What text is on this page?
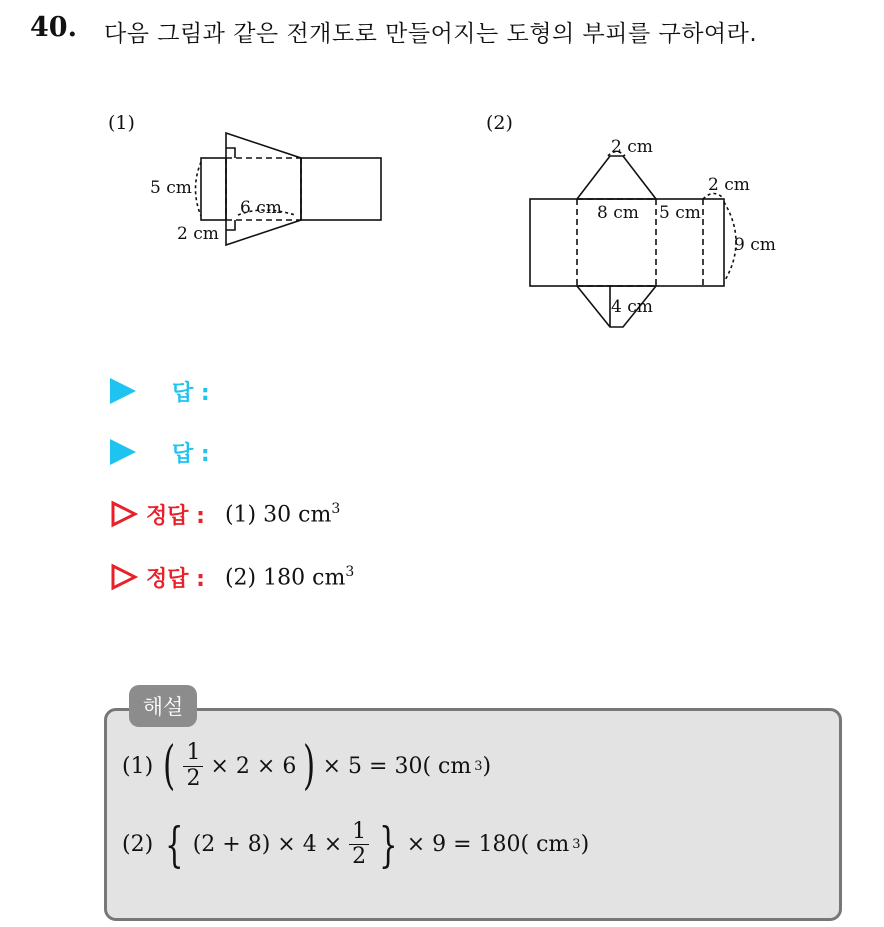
40. 다음 그림과 같은 전개도로 만들어지는 도형의 부피를 구하여라.
(1)
5 cm
6 cm
2 cm
(2)
2 cm
2 cm
8 cm 5 cm
9 cm
4 cm
답 :
답 :
정답 : (1) 30 $cm^3$
정답 : (2) 180 $cm^3$
해설
(1) ( $\frac{1}{2} \times 2 \times 6$ ) × 5 = 30( cm 3 )
(2) { $(2 + 8) \times 4 \times \frac{1}{2}$ } × 9 = 180( cm 3 )
